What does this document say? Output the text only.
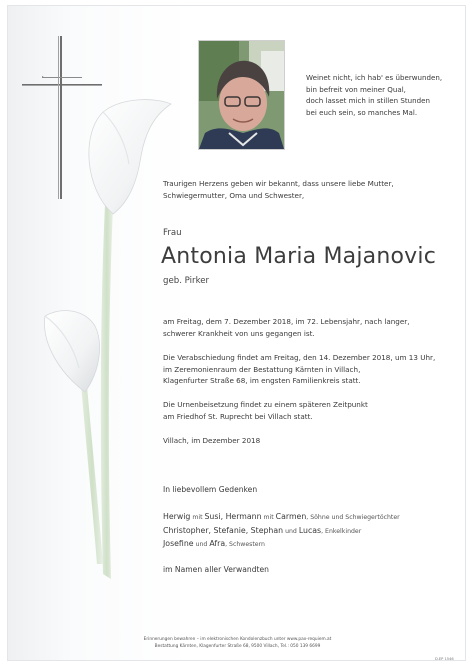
Weinet nicht, ich hab' es überwunden,
bin befreit von meiner Qual,
doch lasset mich in stillen Stunden
bei euch sein, so manches Mal.
Traurigen Herzens geben wir bekannt, dass unsere liebe Mutter,
Schwiegermutter, Oma und Schwester,
Frau
Antonia Maria Majanovic
geb. Pirker
am Freitag, dem 7. Dezember 2018, im 72. Lebensjahr, nach langer,
schwerer Krankheit von uns gegangen ist.
Die Verabschiedung findet am Freitag, den 14. Dezember 2018, um 13 Uhr,
im Zeremonienraum der Bestattung Kärnten in Villach,
Klagenfurter Straße 68, im engsten Familienkreis statt.
Die Urnenbeisetzung findet zu einem späteren Zeitpunkt
am Friedhof St. Ruprecht bei Villach statt.
Villach, im Dezember 2018
In liebevollem Gedenken
Herwig mit Susi, Hermann mit Carmen, Söhne und Schwiegertöchter
Christopher, Stefanie, Stephan und Lucas, Enkelkinder
Josefine und Afra, Schwestern
im Namen aller Verwandten
Erinnerungen bewahren – im elektronischen Kondolenzbuch unter www.pax-requiem.at
Bestattung Kärnten, Klagenfurter Straße 68, 9500 Villach, Tel.: 050 139 6699
D.EP 1546
